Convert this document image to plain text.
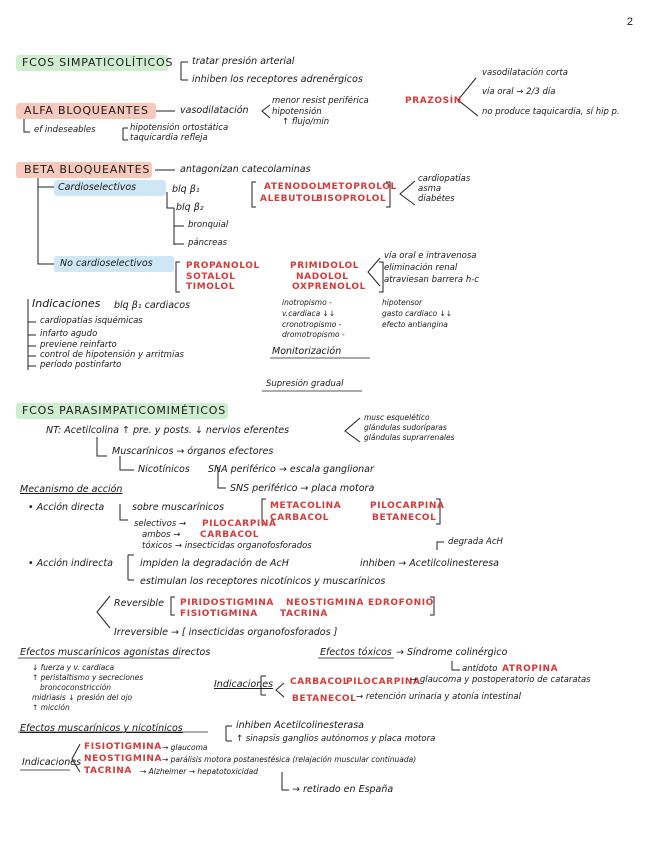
2
FCOS SIMPATICOLÍTICOS tratar presión arterial
inhiben los receptores adrenérgicos
ALFA BLOQUEANTES	vasodilatación
menor resist periférica
hipotensión
↑ flujo/min
PRAZOSÍN
vasodilatación corta
vía oral → 2/3 día
no produce taquicardia, sí hip p.
ef indeseables	hipotensión ortostática
taquicardia refleja
BETA BLOQUEANTES	antagonizan catecolaminas
Cardioselectivos	blq β₁
blq β₂
bronquial
páncreas
ATENODOL
METOPROLOL
ALEBUTOL
BISOPROLOL
cardiopatías
asma
diabétes
No cardioselectivos	PROPANOLOL	PRIMIDOLOL
SOTALOL	NADOLOL
TIMOLOL	OXPRENOLOL
vía oral e intravenosa
eliminación renal
atraviesan barrera h-c
Indicaciones blq β₁ cardiacos
cardiopatías isquémicas
infarto agudo
previene reinfarto
control de hipotensión y arritmias
período postinfarto
inotropismo -
v.cardiaca ↓↓
cronotropismo -
dromotropismo -
hipotensor
gasto cardiaco ↓↓
efecto antiangina
Monitorización
Supresión gradual
FCOS PARASIMPATICOMIMÉTICOS
NT: Acetilcolina ↑ pre. y posts. ↓ nervios eferentes
musc esquelético
glándulas sudoríparas
glándulas suprarrenales
Muscarínicos → órganos efectores
Nicotínicos SNA periférico → escala ganglionar
SNS periférico → placa motora
Mecanismo de acción
• Acción directa	sobre muscarínicos	METACOLINA	PILOCARPINA
CARBACOL	BETANECOL
selectivos → PILOCARPINA
ambos → CARBACOL
tóxicos → insecticidas organofosforados	degrada AcH
• Acción indirecta	impiden la degradación de AcH
estimulan los receptores nicotínicos y muscarínicos
inhiben → Acetilcolinesteresa
Reversible PIRIDOSTIGMINA NEOSTIGMINA EDROFONIO
FISIOTIGMINA TACRINA
Irreversible → [ insecticidas organofosforados ]
Efectos muscarínicos agonistas directos
↓ fuerza y v. cardiaca
↑ peristaltismo y secreciones
broncoconstricción
midriasis ↓ presión del ojo
↑ micción
Indicaciones CARBACOL
PILOCARPINA
→ glaucoma y postoperatorio de cataratas
BETANECOL → retención urinaria y atonía intestinal
Efectos tóxicos → Síndrome colinérgico
antídoto ATROPINA
Efectos muscarínicos y nicotínicos	inhiben Acetilcolinesterasa
↑ sinapsis ganglios autónomos y placa motora
Indicaciones
FISIOTIGMINA → glaucoma
NEOSTIGMINA → parálisis motora postanestésica (relajación muscular continuada)
TACRINA → Alzheimer → hepatotoxicidad
→ retirado en España
